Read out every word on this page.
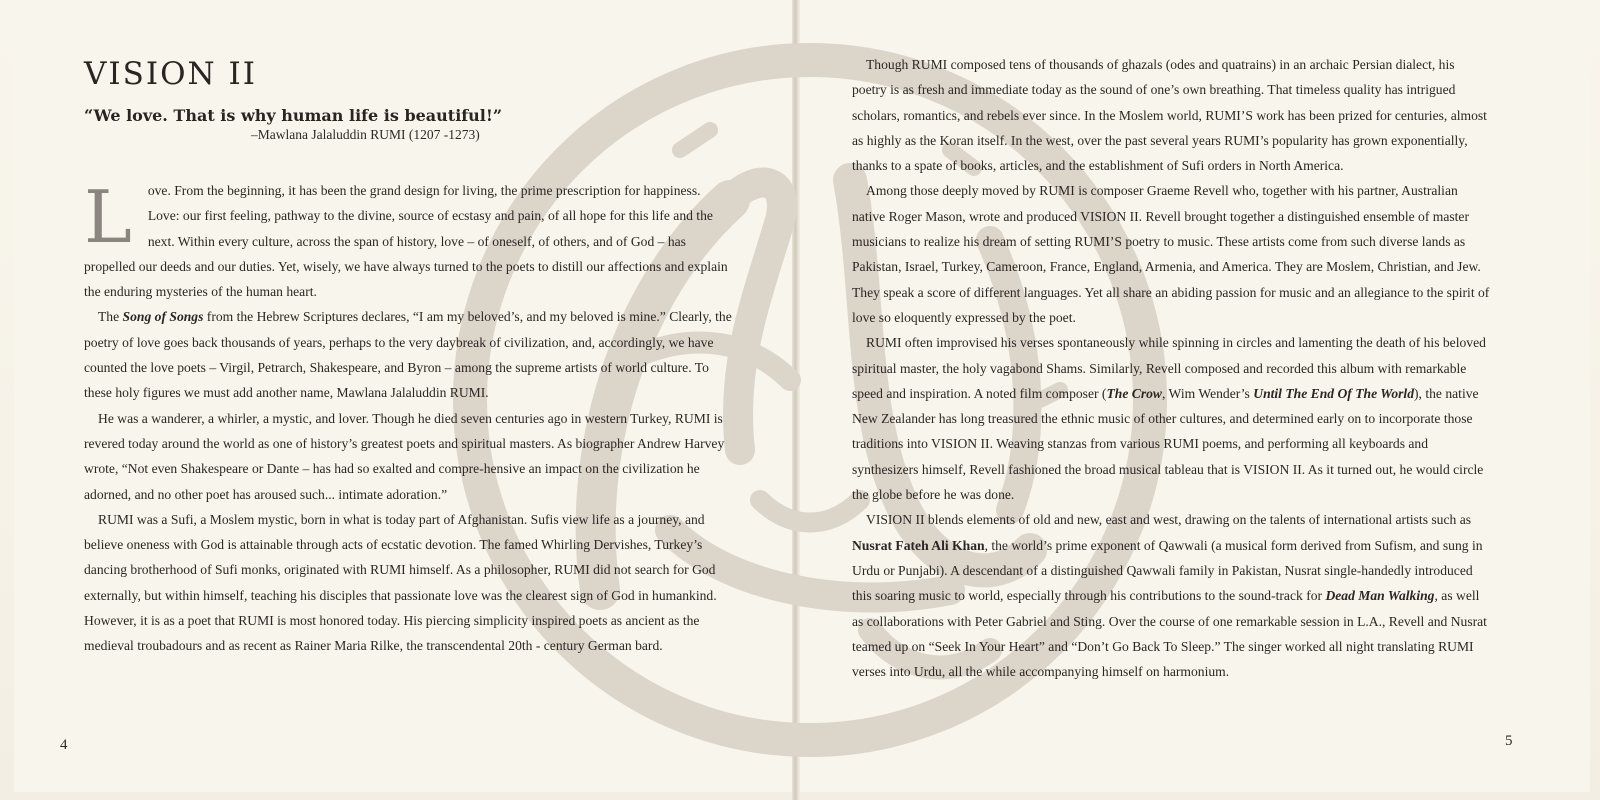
VISION II

“We love. That is why human life is beautiful!”

–Mawlana Jalaluddin RUMI (1207 -1273)

L ove. From the beginning, it has been the grand design for living, the prime prescription for happiness. Love: our first feeling, pathway to the divine, source of ecstasy and pain, of all hope for this life and the next. Within every culture, across the span of history, love – of oneself, of others, and of God – has propelled our deeds and our duties. Yet, wisely, we have always turned to the poets to distill our affections and explain the enduring mysteries of the human heart.

The Song of Songs from the Hebrew Scriptures declares, “I am my beloved’s, and my beloved is mine.” Clearly, the poetry of love goes back thousands of years, perhaps to the very daybreak of civilization, and, accordingly, we have counted the love poets – Virgil, Petrarch, Shakespeare, and Byron – among the supreme artists of world culture. To these holy figures we must add another name, Mawlana Jalaluddin RUMI.

He was a wanderer, a whirler, a mystic, and lover. Though he died seven centuries ago in western Turkey, RUMI is revered today around the world as one of history’s greatest poets and spiritual masters. As biographer Andrew Harvey wrote, “Not even Shakespeare or Dante – has had so exalted and compre-hensive an impact on the civilization he adorned, and no other poet has aroused such... intimate adoration.”

RUMI was a Sufi, a Moslem mystic, born in what is today part of Afghanistan. Sufis view life as a journey, and believe oneness with God is attainable through acts of ecstatic devotion. The famed Whirling Dervishes, Turkey’s dancing brotherhood of Sufi monks, originated with RUMI himself. As a philosopher, RUMI did not search for God externally, but within himself, teaching his disciples that passionate love was the clearest sign of God in humankind. However, it is as a poet that RUMI is most honored today. His piercing simplicity inspired poets as ancient as the medieval troubadours and as recent as Rainer Maria Rilke, the transcendental 20th - century German bard.

Though RUMI composed tens of thousands of ghazals (odes and quatrains) in an archaic Persian dialect, his poetry is as fresh and immediate today as the sound of one’s own breathing. That timeless quality has intrigued scholars, romantics, and rebels ever since. In the Moslem world, RUMI’S work has been prized for centuries, almost as highly as the Koran itself. In the west, over the past several years RUMI’s popularity has grown exponentially, thanks to a spate of books, articles, and the establishment of Sufi orders in North America.

Among those deeply moved by RUMI is composer Graeme Revell who, together with his partner, Australian native Roger Mason, wrote and produced VISION II. Revell brought together a distinguished ensemble of master musicians to realize his dream of setting RUMI’S poetry to music. These artists come from such diverse lands as Pakistan, Israel, Turkey, Cameroon, France, England, Armenia, and America. They are Moslem, Christian, and Jew. They speak a score of different languages. Yet all share an abiding passion for music and an allegiance to the spirit of love so eloquently expressed by the poet.

RUMI often improvised his verses spontaneously while spinning in circles and lamenting the death of his beloved spiritual master, the holy vagabond Shams. Similarly, Revell composed and recorded this album with remarkable speed and inspiration. A noted film composer (The Crow, Wim Wender’s Until The End Of The World), the native New Zealander has long treasured the ethnic music of other cultures, and determined early on to incorporate those traditions into VISION II. Weaving stanzas from various RUMI poems, and performing all keyboards and synthesizers himself, Revell fashioned the broad musical tableau that is VISION II. As it turned out, he would circle the globe before he was done.

VISION II blends elements of old and new, east and west, drawing on the talents of international artists such as Nusrat Fateh Ali Khan, the world’s prime exponent of Qawwali (a musical form derived from Sufism, and sung in Urdu or Punjabi). A descendant of a distinguished Qawwali family in Pakistan, Nusrat single-handedly introduced this soaring music to world, especially through his contributions to the sound-track for Dead Man Walking, as well as collaborations with Peter Gabriel and Sting. Over the course of one remarkable session in L.A., Revell and Nusrat teamed up on “Seek In Your Heart” and “Don’t Go Back To Sleep.” The singer worked all night translating RUMI verses into Urdu, all the while accompanying himself on harmonium.

4	5
